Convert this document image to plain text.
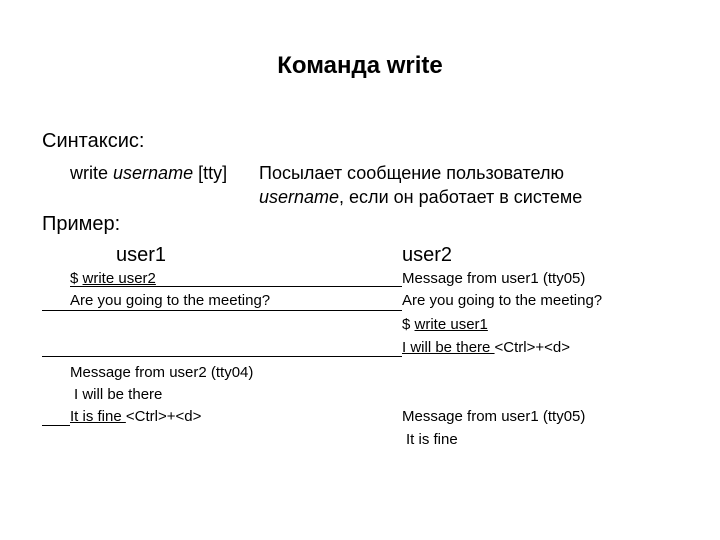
Команда write
Синтаксис:
write username [tty] Посылает сообщение пользователю
username, если он работает в системе
Пример:
user1	user2
$ write user2
Are you going to the meeting?
Message from user2 (tty04)
I will be there
It is fine <Ctrl>+<d>
Message from user1 (tty05)
Are you going to the meeting?
$ write user1
I will be there <Ctrl>+<d>
Message from user1 (tty05)
It is fine
